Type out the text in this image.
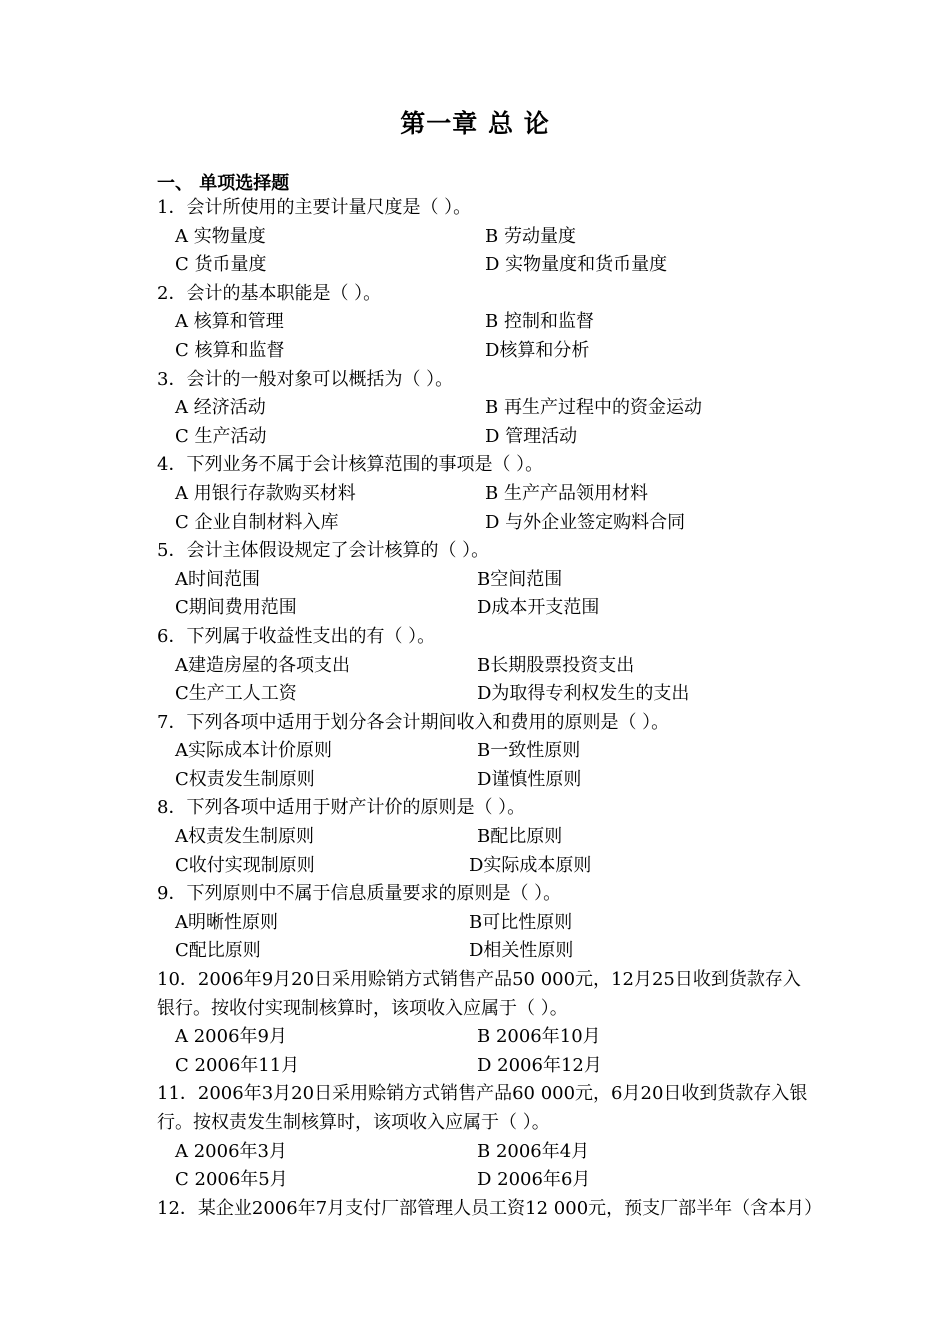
第一章 总 论
一、 单项选择题
1．会计所使用的主要计量尺度是（ ）。
A 实物量度	B 劳动量度
C 货币量度	D 实物量度和货币量度
2．会计的基本职能是（ ）。
A 核算和管理	B 控制和监督
C 核算和监督	D核算和分析
3．会计的一般对象可以概括为（ ）。
A 经济活动	B 再生产过程中的资金运动
C 生产活动	D 管理活动
4．下列业务不属于会计核算范围的事项是（ ）。
A 用银行存款购买材料	B 生产产品领用材料
C 企业自制材料入库	D 与外企业签定购料合同
5．会计主体假设规定了会计核算的（ ）。
A时间范围	B空间范围
C期间费用范围	D成本开支范围
6．下列属于收益性支出的有（ ）。
A建造房屋的各项支出	B长期股票投资支出
C生产工人工资	D为取得专利权发生的支出
7．下列各项中适用于划分各会计期间收入和费用的原则是（ ）。
A实际成本计价原则	B一致性原则
C权责发生制原则	D谨慎性原则
8．下列各项中适用于财产计价的原则是（ ）。
A权责发生制原则	B配比原则
C收付实现制原则	D实际成本原则
9．下列原则中不属于信息质量要求的原则是（ ）。
A明晰性原则	B可比性原则
C配比原则	D相关性原则
10．2006年9月20日采用赊销方式销售产品50 000元，12月25日收到货款存入
银行。按收付实现制核算时，该项收入应属于（ ）。
A 2006年9月	B 2006年10月
C 2006年11月	D 2006年12月
11．2006年3月20日采用赊销方式销售产品60 000元，6月20日收到货款存入银
行。按权责发生制核算时，该项收入应属于（ ）。
A 2006年3月	B 2006年4月
C 2006年5月	D 2006年6月
12．某企业2006年7月支付厂部管理人员工资12 000元，预支厂部半年（含本月）
